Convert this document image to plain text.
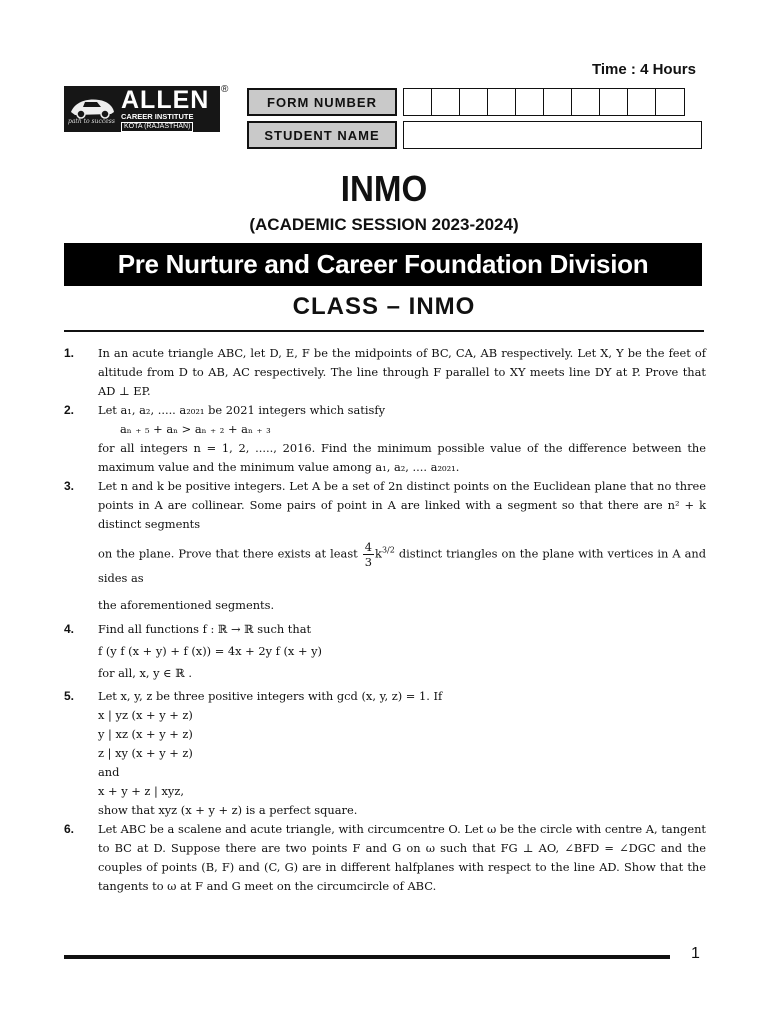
Time : 4 Hours
path to success
ALLEN
CAREER INSTITUTE
KOTA (RAJASTHAN)
®
FORM NUMBER
STUDENT NAME
INMO
(ACADEMIC SESSION 2023-2024)
Pre Nurture and Career Foundation Division
CLASS – INMO
1. In an acute triangle ABC, let D, E, F be the midpoints of BC, CA, AB respectively. Let X, Y be the feet of altitude from D to AB, AC respectively. The line through F parallel to XY meets line DY at P. Prove that AD ⊥ EP.

2. Let a₁, a₂, ..... a₂₀₂₁ be 2021 integers which satisfy

aₙ ₊ ₅ + aₙ > aₙ ₊ ₂ + aₙ ₊ ₃

for all integers n = 1, 2, ....., 2016. Find the minimum possible value of the difference between the maximum value and the minimum value among a₁, a₂, .... a₂₀₂₁.

3. Let n and k be positive integers. Let A be a set of 2n distinct points on the Euclidean plane that no three points in A are collinear. Some pairs of point in A are linked with a segment so that there are n² + k distinct segments

on the plane. Prove that there exists at least $\frac{4}{3} k^{3/2}$ distinct triangles on the plane with vertices in A and sides as

the aforementioned segments.

4. Find all functions f : ℝ → ℝ such that

f (y f (x + y) + f (x)) = 4x + 2y f (x + y)

for all, x, y ∈ ℝ .

5. Let x, y, z be three positive integers with gcd (x, y, z) = 1. If

x | yz (x + y + z)

y | xz (x + y + z)

z | xy (x + y + z)

and

x + y + z | xyz,

show that xyz (x + y + z) is a perfect square.

6. Let ABC be a scalene and acute triangle, with circumcentre O. Let ω be the circle with centre A, tangent to BC at D. Suppose there are two points F and G on ω such that FG ⊥ AO, ∠BFD = ∠DGC and the couples of points (B, F) and (C, G) are in different halfplanes with respect to the line AD. Show that the tangents to ω at F and G meet on the circumcircle of ABC.

1
